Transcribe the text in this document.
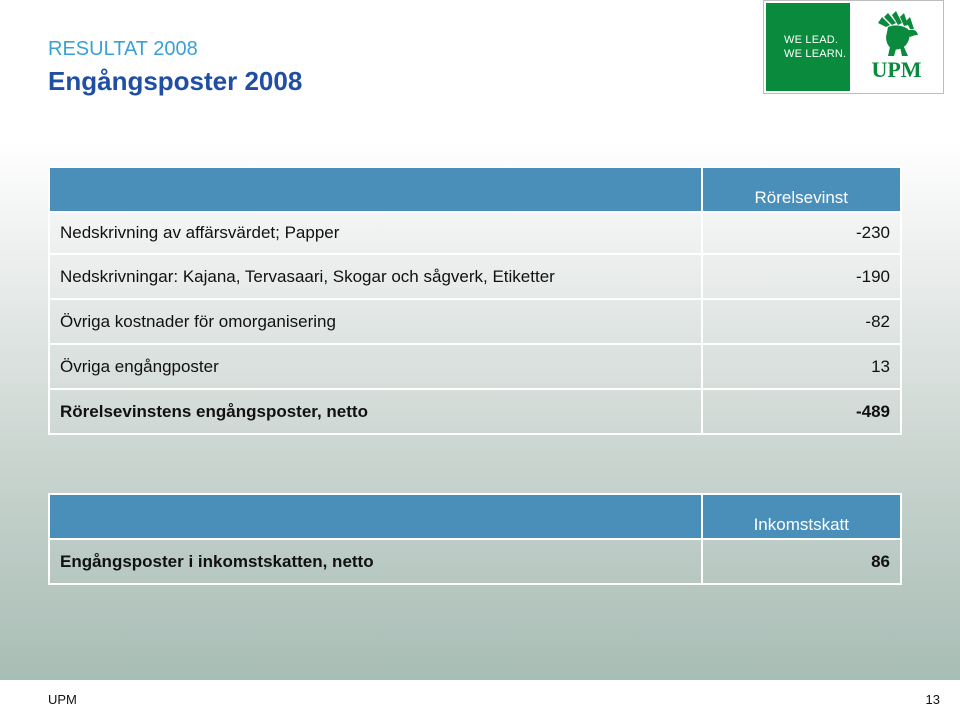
RESULTAT 2008
Engångsposter 2008
WE LEAD.
WE LEARN.
UPM
	Rörelsevinst
Nedskrivning av affärsvärdet; Papper	-230
Nedskrivningar: Kajana, Tervasaari, Skogar och sågverk, Etiketter	-190
Övriga kostnader för omorganisering	-82
Övriga engångposter	13
Rörelsevinstens engångsposter, netto	-489
	Inkomstskatt
Engångsposter i inkomstskatten, netto	86
UPM	13
